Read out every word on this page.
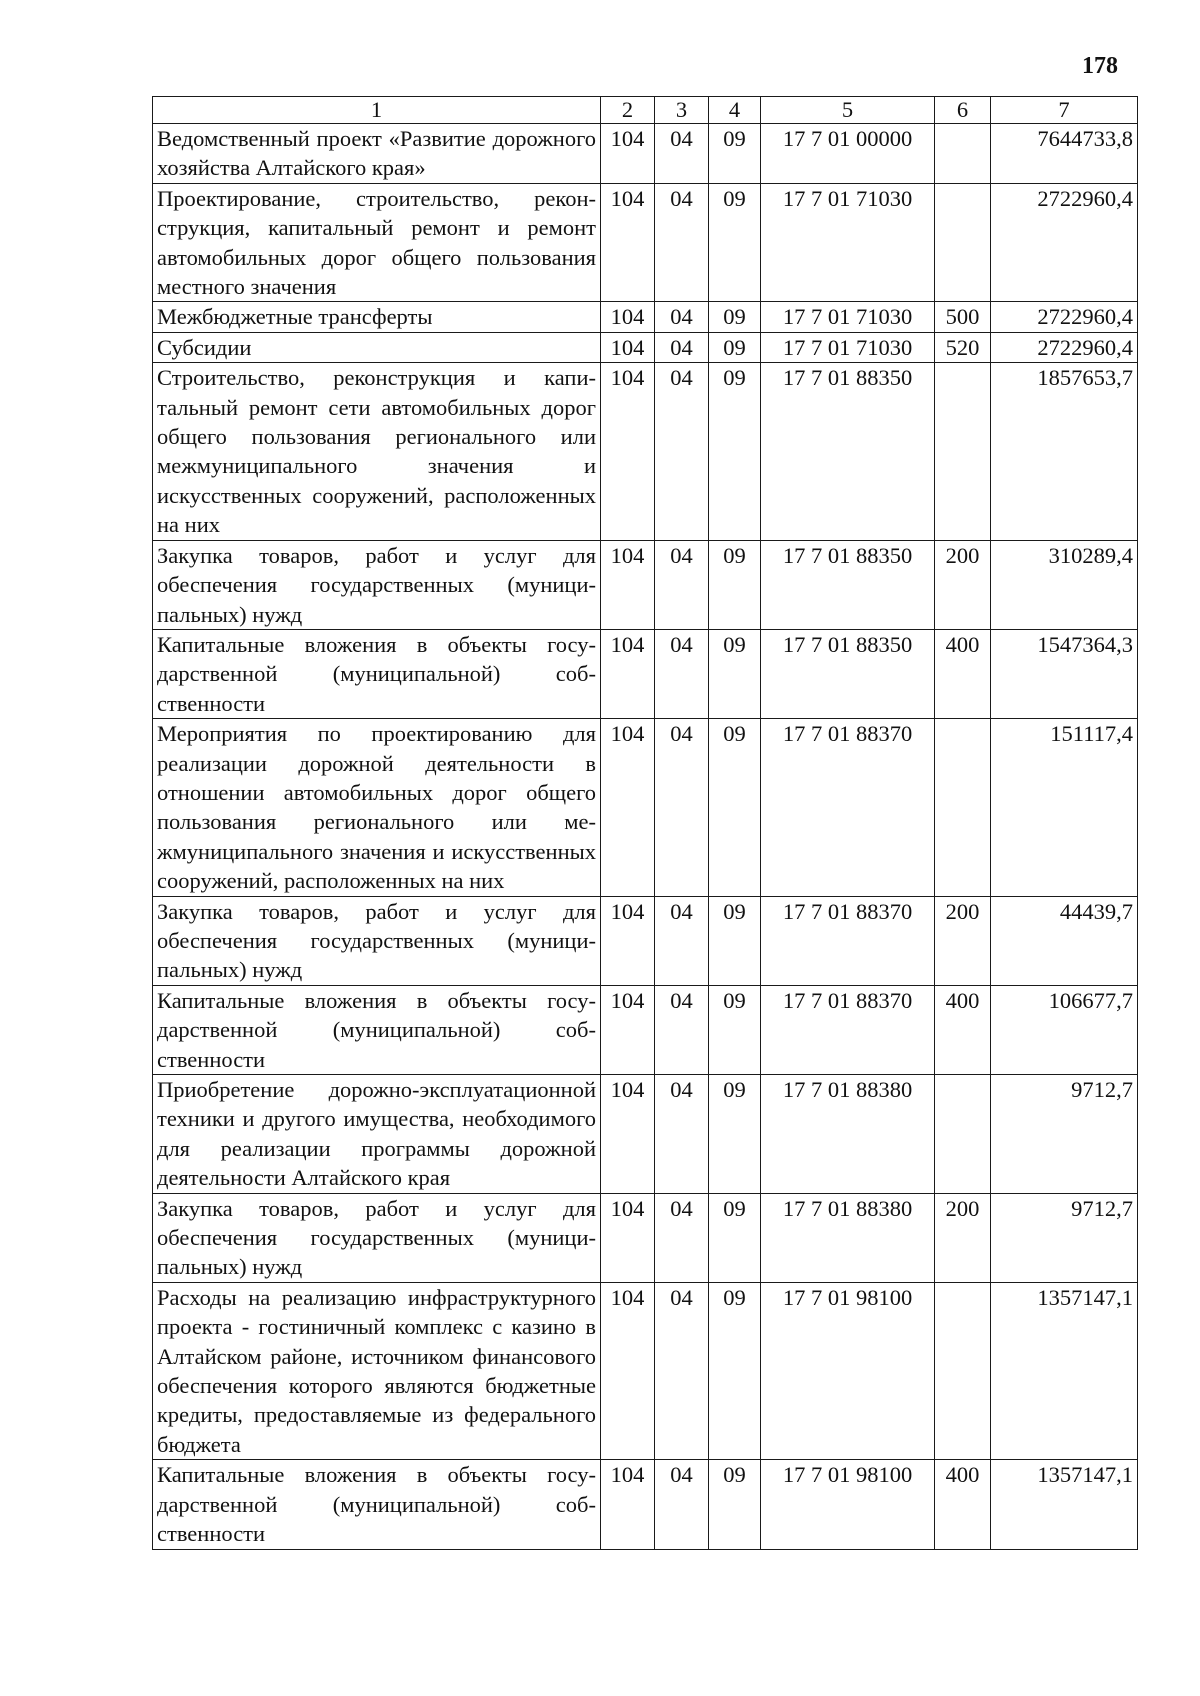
178
1	2	3	4	5	6	7
Ведомственный проект «Развитие дорожного хозяйства Алтайского края»	104	04	09	17 7 01 00000		7644733,8
Проектирование, строительство, реконструкция, капитальный ремонт и ремонт автомобильных дорог общего пользования местного значения	104	04	09	17 7 01 71030		2722960,4
Межбюджетные трансферты	104	04	09	17 7 01 71030	500	2722960,4
Субсидии	104	04	09	17 7 01 71030	520	2722960,4
Строительство, реконструкция и капитальный ремонт сети автомобильных дорог общего пользования регионального или межмуниципального значения и искусственных сооружений, расположенных на них	104	04	09	17 7 01 88350		1857653,7
Закупка товаров, работ и услуг для обеспечения государственных (муниципальных) нужд	104	04	09	17 7 01 88350	200	310289,4
Капитальные вложения в объекты государственной (муниципальной) собственности	104	04	09	17 7 01 88350	400	1547364,3
Мероприятия по проектированию для реализации дорожной деятельности в отношении автомобильных дорог общего пользования регионального или межмуниципального значения и искусственных сооружений, расположенных на них	104	04	09	17 7 01 88370		151117,4
Закупка товаров, работ и услуг для обеспечения государственных (муниципальных) нужд	104	04	09	17 7 01 88370	200	44439,7
Капитальные вложения в объекты государственной (муниципальной) собственности	104	04	09	17 7 01 88370	400	106677,7
Приобретение дорожно-эксплуатационной техники и другого имущества, необходимого для реализации программы дорожной деятельности Алтайского края	104	04	09	17 7 01 88380		9712,7
Закупка товаров, работ и услуг для обеспечения государственных (муниципальных) нужд	104	04	09	17 7 01 88380	200	9712,7
Расходы на реализацию инфраструктурного проекта - гостиничный комплекс с казино в Алтайском районе, источником финансового обеспечения которого являются бюджетные кредиты, предоставляемые из федерального бюджета	104	04	09	17 7 01 98100		1357147,1
Капитальные вложения в объекты государственной (муниципальной) собственности	104	04	09	17 7 01 98100	400	1357147,1
